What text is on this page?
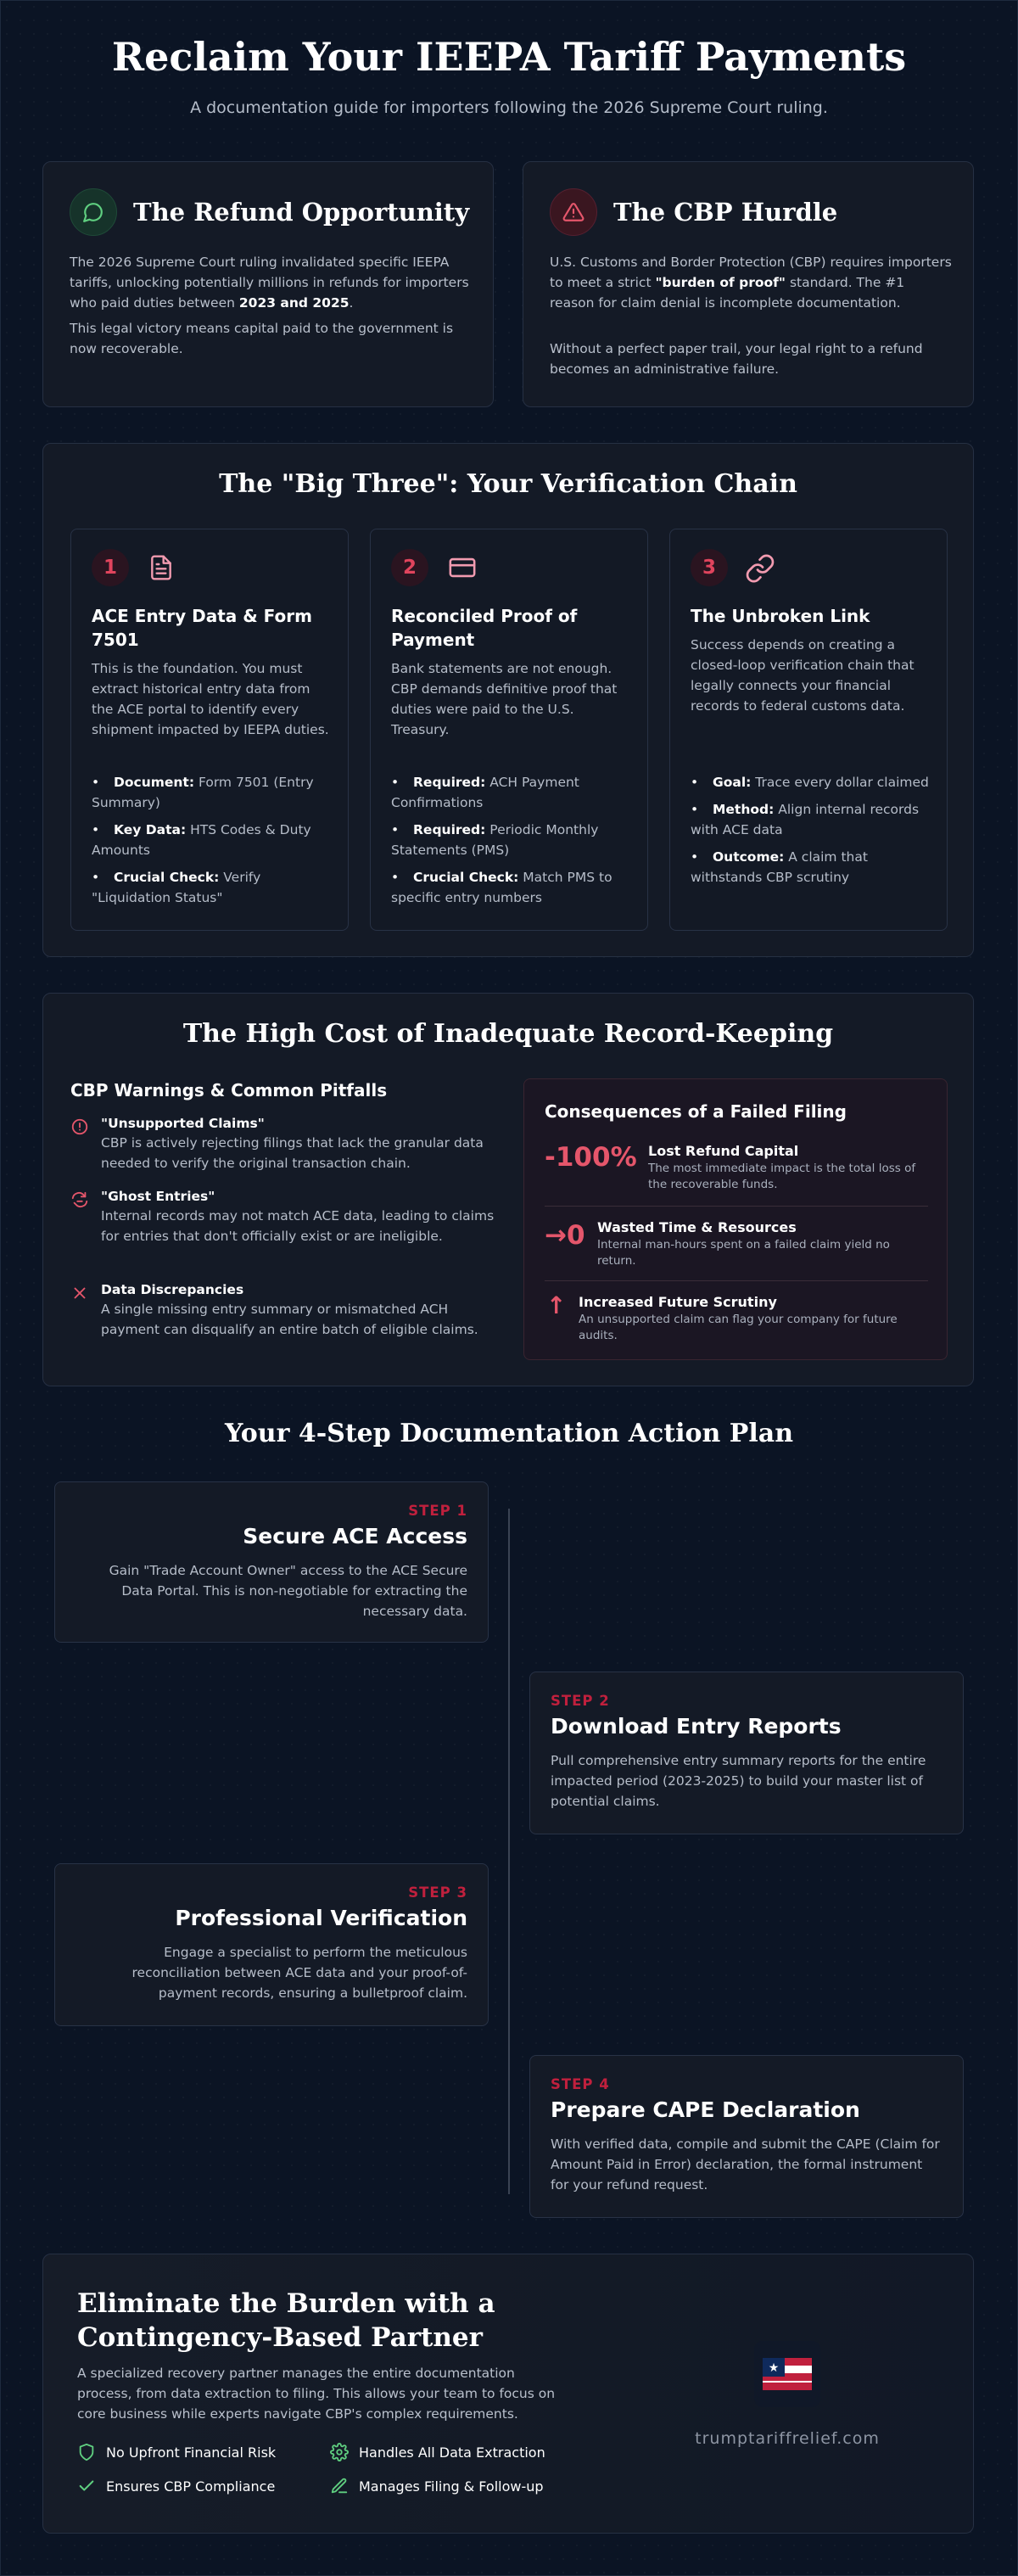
Reclaim Your IEEPA Tariff Payments
A documentation guide for importers following the 2026 Supreme Court ruling.
The Refund Opportunity
The 2026 Supreme Court ruling invalidated specific IEEPA tariffs, unlocking potentially millions in refunds for importers who paid duties between 2023 and 2025.
This legal victory means capital paid to the government is now recoverable.
The CBP Hurdle
U.S. Customs and Border Protection (CBP) requires importers to meet a strict "burden of proof" standard. The #1 reason for claim denial is incomplete documentation.
Without a perfect paper trail, your legal right to a refund becomes an administrative failure.
The "Big Three": Your Verification Chain
1
ACE Entry Data & Form 7501
This is the foundation. You must extract historical entry data from the ACE portal to identify every shipment impacted by IEEPA duties.
• Document: Form 7501 (Entry Summary)
• Key Data: HTS Codes & Duty Amounts
• Crucial Check: Verify "Liquidation Status"
2
Reconciled Proof of Payment
Bank statements are not enough. CBP demands definitive proof that duties were paid to the U.S. Treasury.
• Required: ACH Payment Confirmations
• Required: Periodic Monthly Statements (PMS)
• Crucial Check: Match PMS to specific entry numbers
3
The Unbroken Link
Success depends on creating a closed-loop verification chain that legally connects your financial records to federal customs data.
• Goal: Trace every dollar claimed
• Method: Align internal records with ACE data
• Outcome: A claim that withstands CBP scrutiny
The High Cost of Inadequate Record-Keeping
CBP Warnings & Common Pitfalls
"Unsupported Claims"
CBP is actively rejecting filings that lack the granular data needed to verify the original transaction chain.
"Ghost Entries"
Internal records may not match ACE data, leading to claims for entries that don't officially exist or are ineligible.
Data Discrepancies
A single missing entry summary or mismatched ACH payment can disqualify an entire batch of eligible claims.
Consequences of a Failed Filing
-100% Lost Refund Capital
The most immediate impact is the total loss of the recoverable funds.
→0 Wasted Time & Resources
Internal man-hours spent on a failed claim yield no return.
↑ Increased Future Scrutiny
An unsupported claim can flag your company for future audits.
Your 4-Step Documentation Action Plan
STEP 1
Secure ACE Access
Gain "Trade Account Owner" access to the ACE Secure Data Portal. This is non-negotiable for extracting the necessary data.
STEP 2
Download Entry Reports
Pull comprehensive entry summary reports for the entire impacted period (2023-2025) to build your master list of potential claims.
STEP 3
Professional Verification
Engage a specialist to perform the meticulous reconciliation between ACE data and your proof-of-payment records, ensuring a bulletproof claim.
STEP 4
Prepare CAPE Declaration
With verified data, compile and submit the CAPE (Claim for Amount Paid in Error) declaration, the formal instrument for your refund request.
Eliminate the Burden with a Contingency-Based Partner
A specialized recovery partner manages the entire documentation process, from data extraction to filing. This allows your team to focus on core business while experts navigate CBP's complex requirements.
No Upfront Financial Risk	Handles All Data Extraction
Ensures CBP Compliance	Manages Filing & Follow-up
★
trumptariffrelief.com
